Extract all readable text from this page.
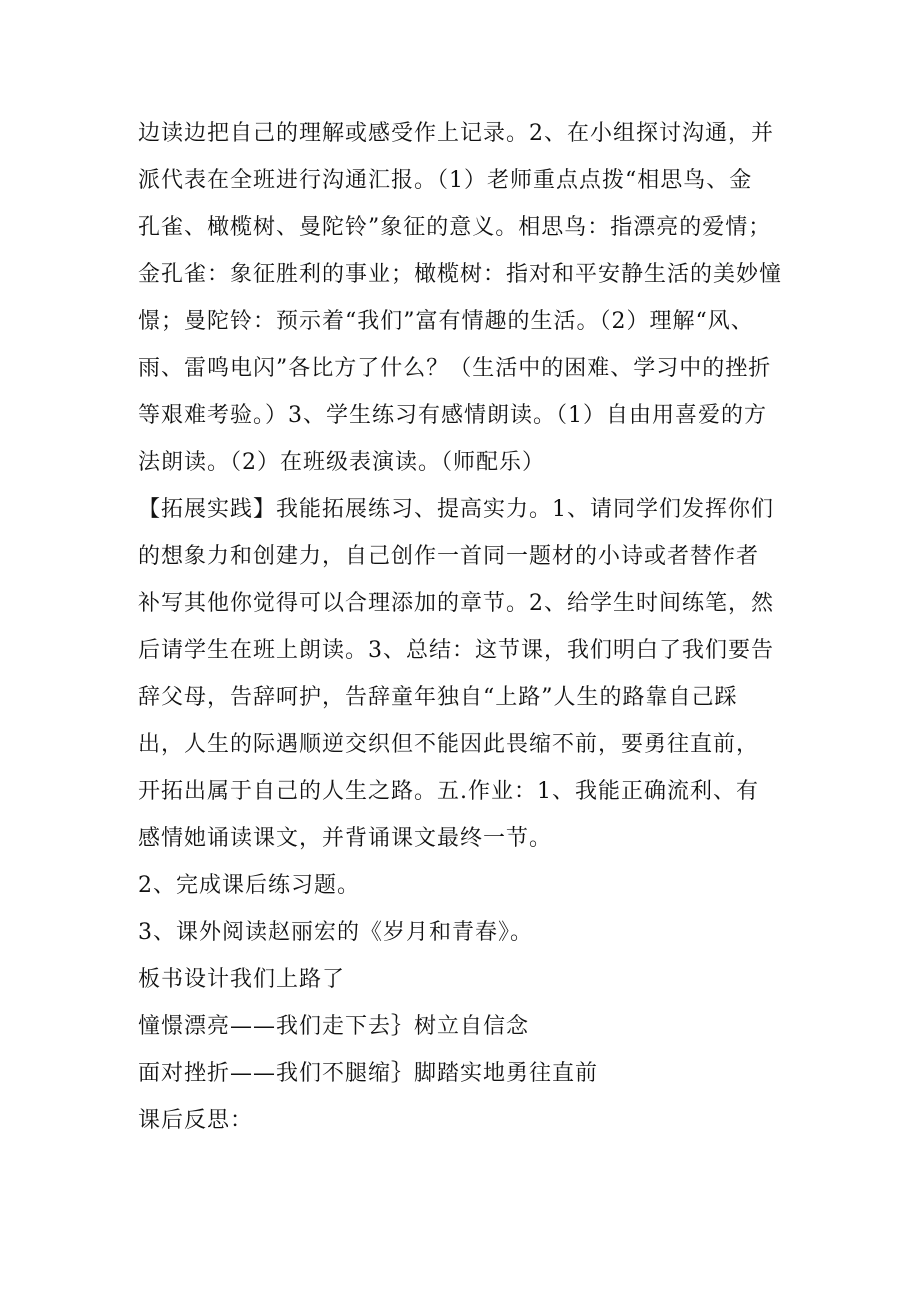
边读边把自己的理解或感受作上记录。2、在小组探讨沟通，并
派代表在全班进行沟通汇报。（1）老师重点点拨“相思鸟、金
孔雀、橄榄树、曼陀铃”象征的意义。相思鸟：指漂亮的爱情；
金孔雀：象征胜利的事业；橄榄树：指对和平安静生活的美妙憧
憬；曼陀铃：预示着“我们”富有情趣的生活。（2）理解“风、
雨、雷鸣电闪”各比方了什么？（生活中的困难、学习中的挫折
等艰难考验。）3、学生练习有感情朗读。（1）自由用喜爱的方
法朗读。（2）在班级表演读。（师配乐）
【拓展实践】我能拓展练习、提高实力。1、请同学们发挥你们
的想象力和创建力，自己创作一首同一题材的小诗或者替作者
补写其他你觉得可以合理添加的章节。2、给学生时间练笔，然
后请学生在班上朗读。3、总结：这节课，我们明白了我们要告
辞父母，告辞呵护，告辞童年独自“上路”人生的路靠自己踩
出，人生的际遇顺逆交织但不能因此畏缩不前，要勇往直前，
开拓出属于自己的人生之路。五.作业：1、我能正确流利、有
感情她诵读课文，并背诵课文最终一节。
2、完成课后练习题。
3、课外阅读赵丽宏的《岁月和青春》。
板书设计我们上路了
憧憬漂亮——我们走下去｝树立自信念
面对挫折——我们不腿缩｝脚踏实地勇往直前
课后反思：
